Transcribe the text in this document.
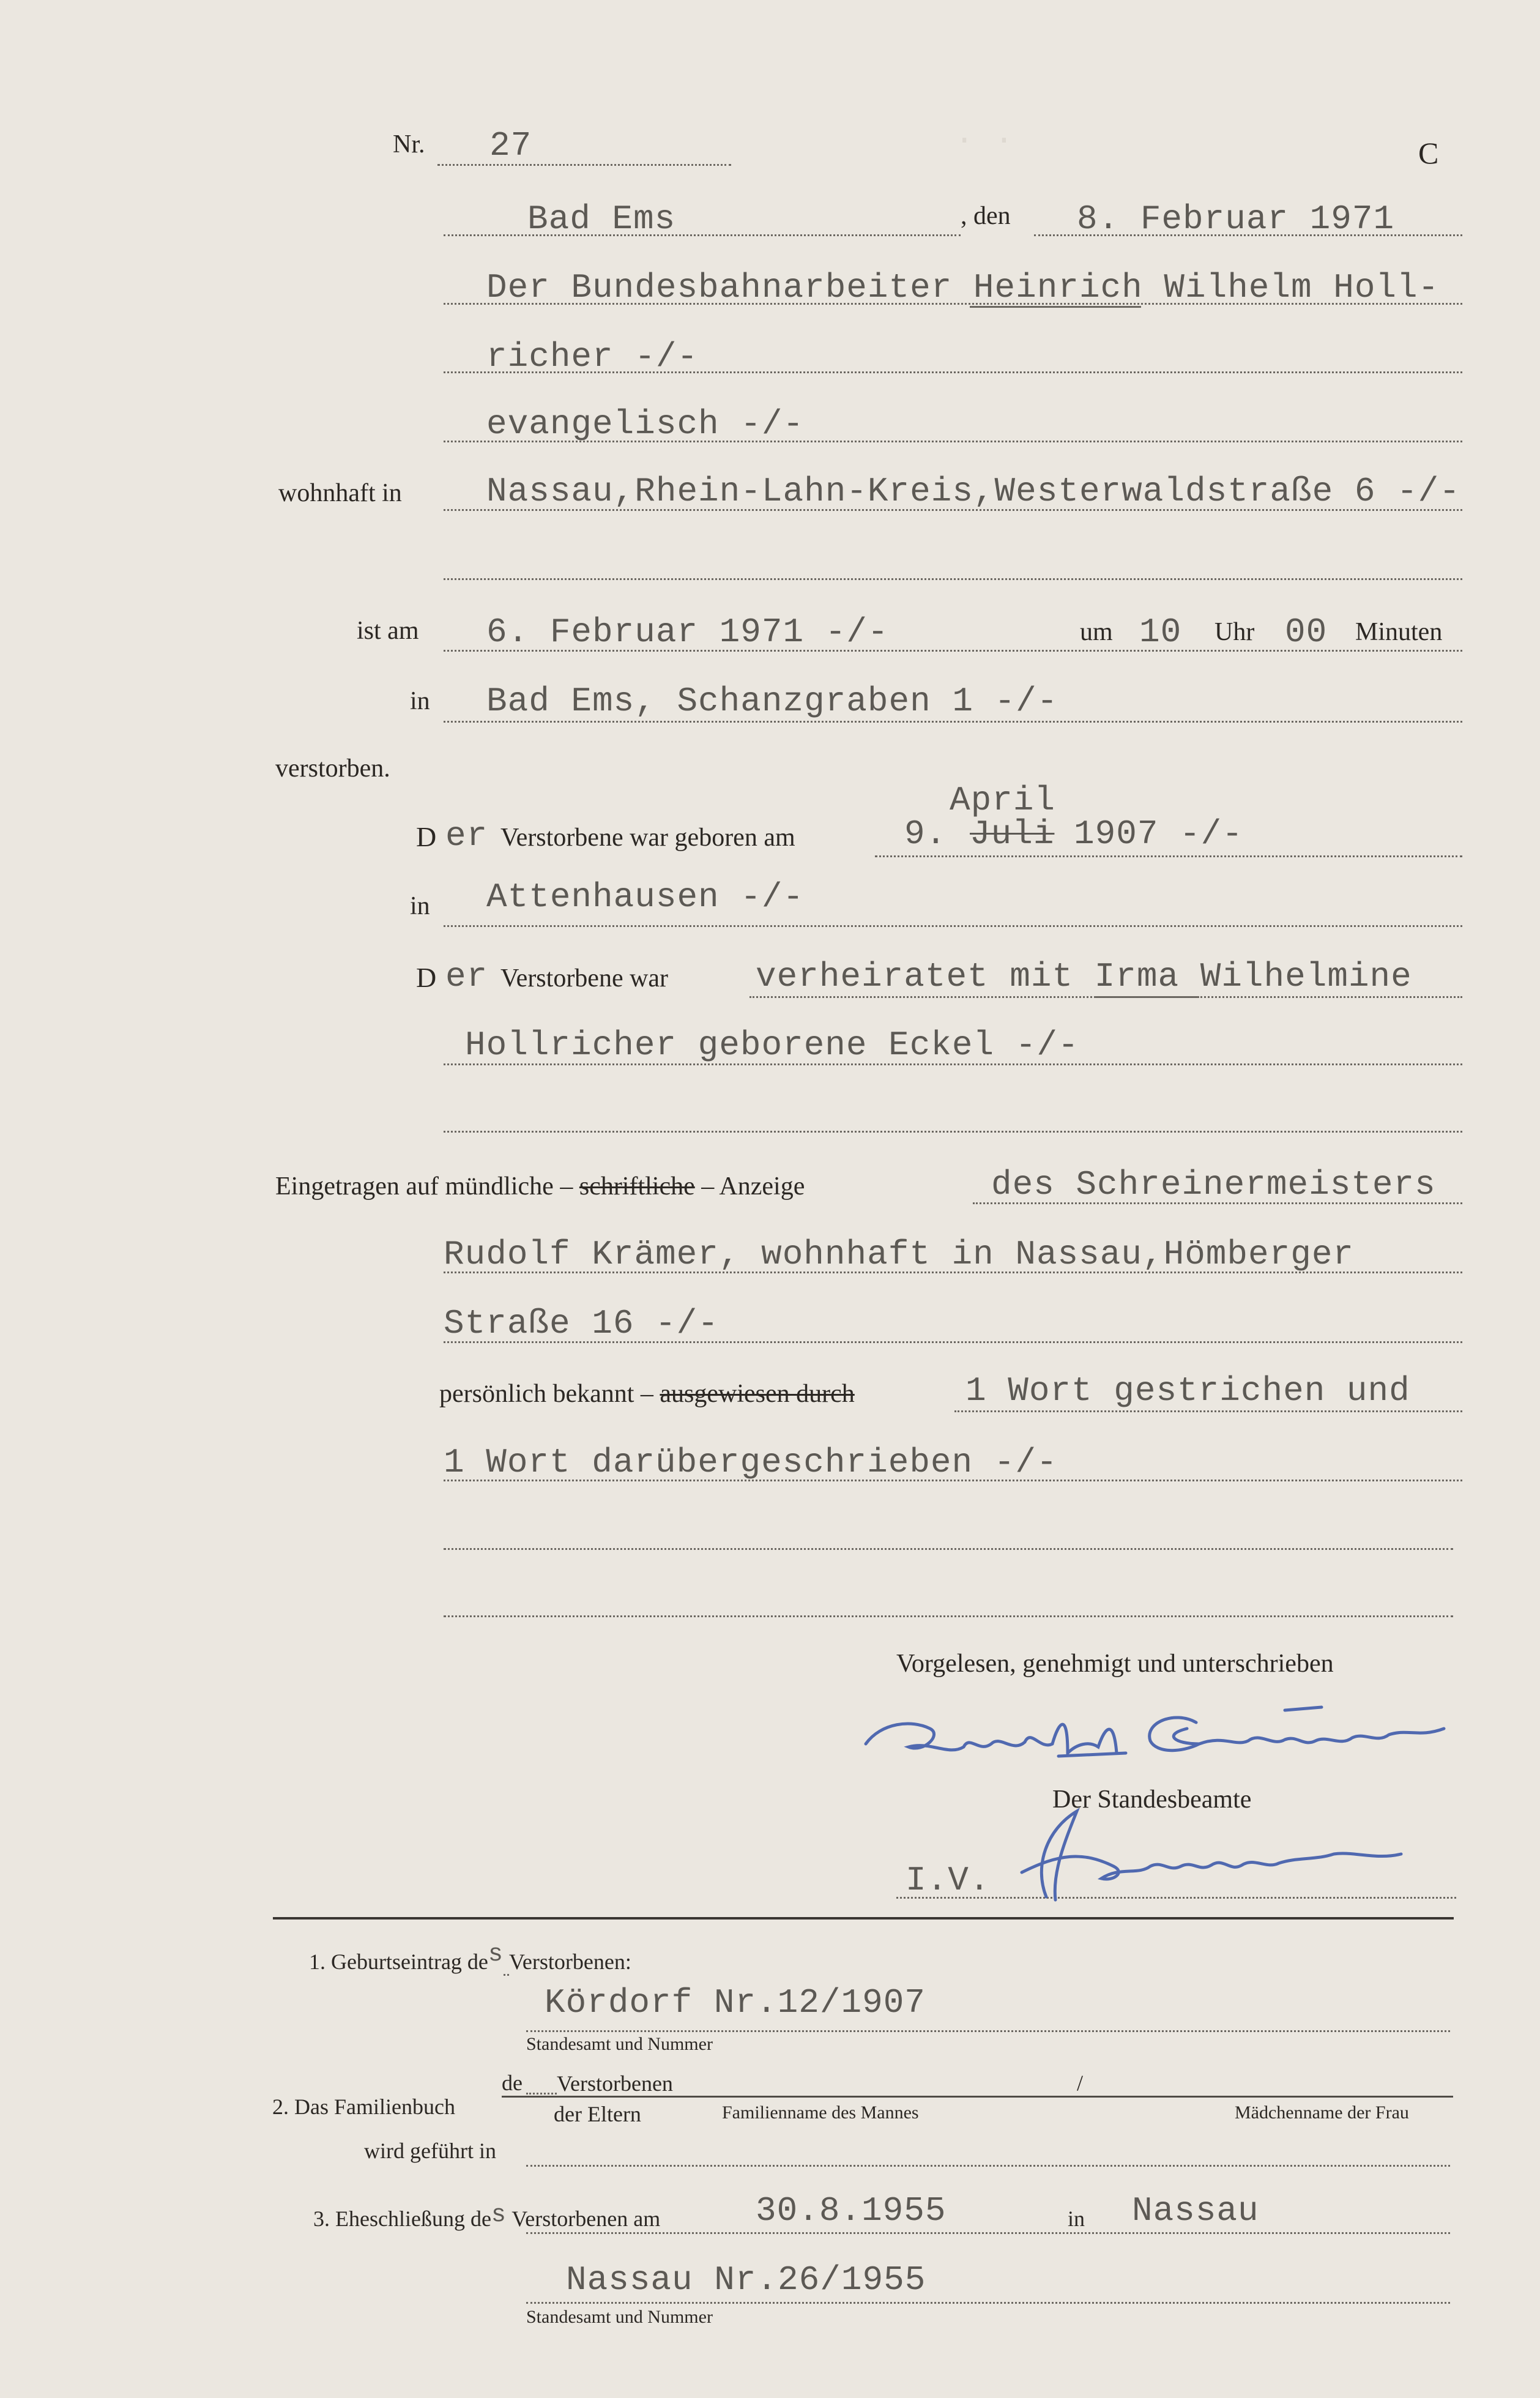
· ·
Nr. 27	C
Bad Ems	, den 8. Februar 1971
Der Bundesbahnarbeiter Heinrich Wilhelm Holl-
richer -/-
evangelisch -/-
wohnhaft in Nassau,Rhein-Lahn-Kreis,Westerwaldstraße 6 -/-
ist am 6. Februar 1971 -/-	um 10 Uhr 00 Minuten
in Bad Ems, Schanzgraben 1 -/-
verstorben.
April
D er Verstorbene war geboren am	9. Juli 1907 -/-
in Attenhausen -/-
D er Verstorbene war	verheiratet mit Irma Wilhelmine
Hollricher geborene Eckel -/-
Eingetragen auf mündliche – schriftliche – Anzeige	des Schreinermeisters
Rudolf Krämer, wohnhaft in Nassau,Hömberger
Straße 16 -/-
persönlich bekannt – ausgewiesen durch	1 Wort gestrichen und
1 Wort darübergeschrieben -/-
Vorgelesen, genehmigt und unterschrieben
Der Standesbeamte
I.V.
1. Geburtseintrag des Verstorbenen:
Kördorf Nr.12/1907
Standesamt und Nummer
2. Das Familienbuch
de Verstorbenen	/
der Eltern	Familienname des Mannes	Mädchenname der Frau
wird geführt in
3. Eheschließung des Verstorbenen am	30.8.1955	in Nassau
Nassau Nr.26/1955
Standesamt und Nummer
